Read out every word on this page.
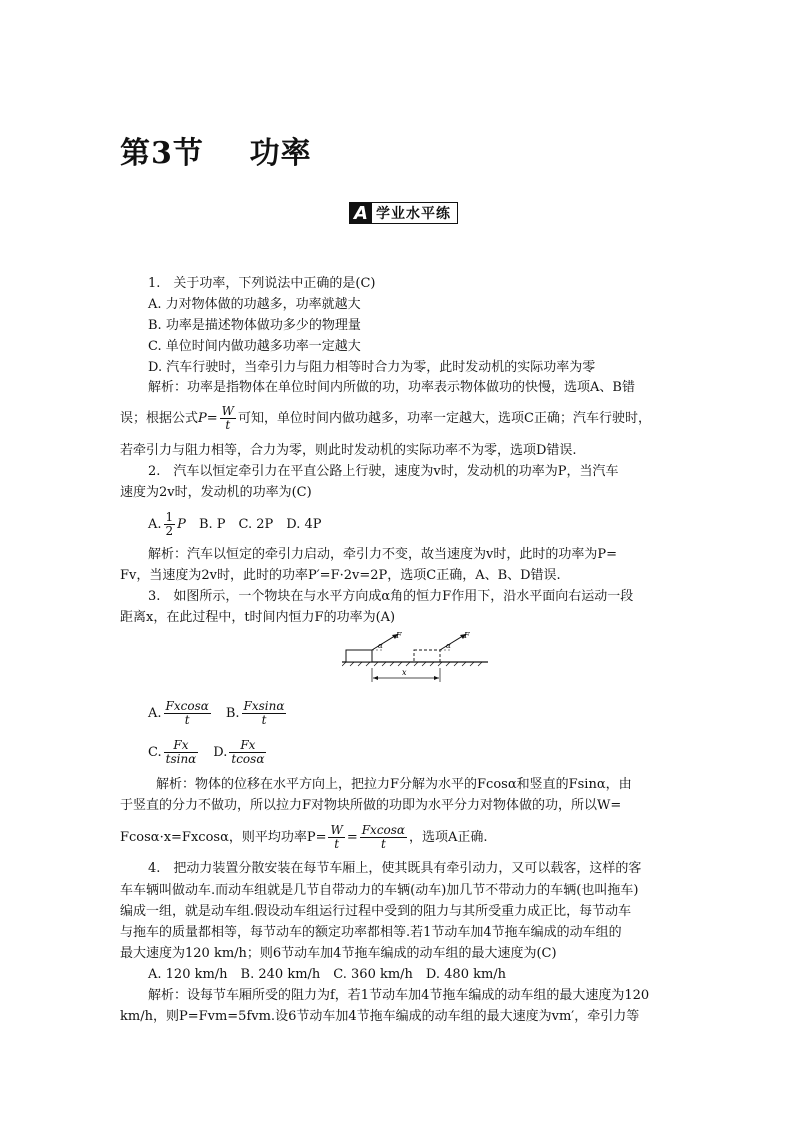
第3节    功率
A 学业水平练
1.　关于功率，下列说法中正确的是(C)
A. 力对物体做的功越多，功率就越大
B. 功率是描述物体做功多少的物理量
C. 单位时间内做功越多功率一定越大
D. 汽车行驶时，当牵引力与阻力相等时合力为零，此时发动机的实际功率为零
解析：功率是指物体在单位时间内所做的功，功率表示物体做功的快慢，选项A、B错
误；根据公式$P= \frac{W}{t}$ 可知，单位时间内做功越多，功率一定越大，选项C正确；汽车行驶时，
若牵引力与阻力相等，合力为零，则此时发动机的实际功率不为零，选项D错误.
2.　汽车以恒定牵引力在平直公路上行驶，速度为v时，发动机的功率为P，当汽车
速度为2v时，发动机的功率为(C)
A. $\frac{1}{2}$ P　 B. P　C. 2P　D. 4P
解析：汽车以恒定的牵引力启动，牵引力不变，故当速度为v时，此时的功率为P=
Fv，当速度为2v时，此时的功率P′=F·2v=2P，选项C正确，A、B、D错误.
3.　如图所示，一个物块在与水平方向成α角的恒力F作用下，沿水平面向右运动一段
距离x，在此过程中，t时间内恒力F的功率为(A)
F	F
α	α
x
A. $\frac{Fxcos\alpha}{t}$
　 B. $\frac{Fxsin\alpha}{t}$
C. $\frac{Fx}{tsin\alpha}$
　 D. $\frac{Fx}{tcos\alpha}$
解析：物体的位移在水平方向上，把拉力F分解为水平的Fcosα和竖直的Fsinα，由
于竖直的分力不做功，所以拉力F对物块所做的功即为水平分力对物体做的功，所以W=
Fcosα·x=Fxcosα，则平均功率$P= \frac{W}{t} = \frac{Fxcos\alpha}{t}$ ，选项A正确.
4.　把动力装置分散安装在每节车厢上，使其既具有牵引动力，又可以载客，这样的客
车车辆叫做动车.而动车组就是几节自带动力的车辆(动车)加几节不带动力的车辆(也叫拖车)
编成一组，就是动车组.假设动车组运行过程中受到的阻力与其所受重力成正比，每节动车
与拖车的质量都相等，每节动车的额定功率都相等.若1节动车加4节拖车编成的动车组的
最大速度为120 km/h；则6节动车加4节拖车编成的动车组的最大速度为(C)
A. 120 km/h　B. 240 km/h　C. 360 km/h　D. 480 km/h
解析：设每节车厢所受的阻力为f，若1节动车加4节拖车编成的动车组的最大速度为120
km/h，则P=Fvm=5fvm.设6节动车加4节拖车编成的动车组的最大速度为vm′，牵引力等
